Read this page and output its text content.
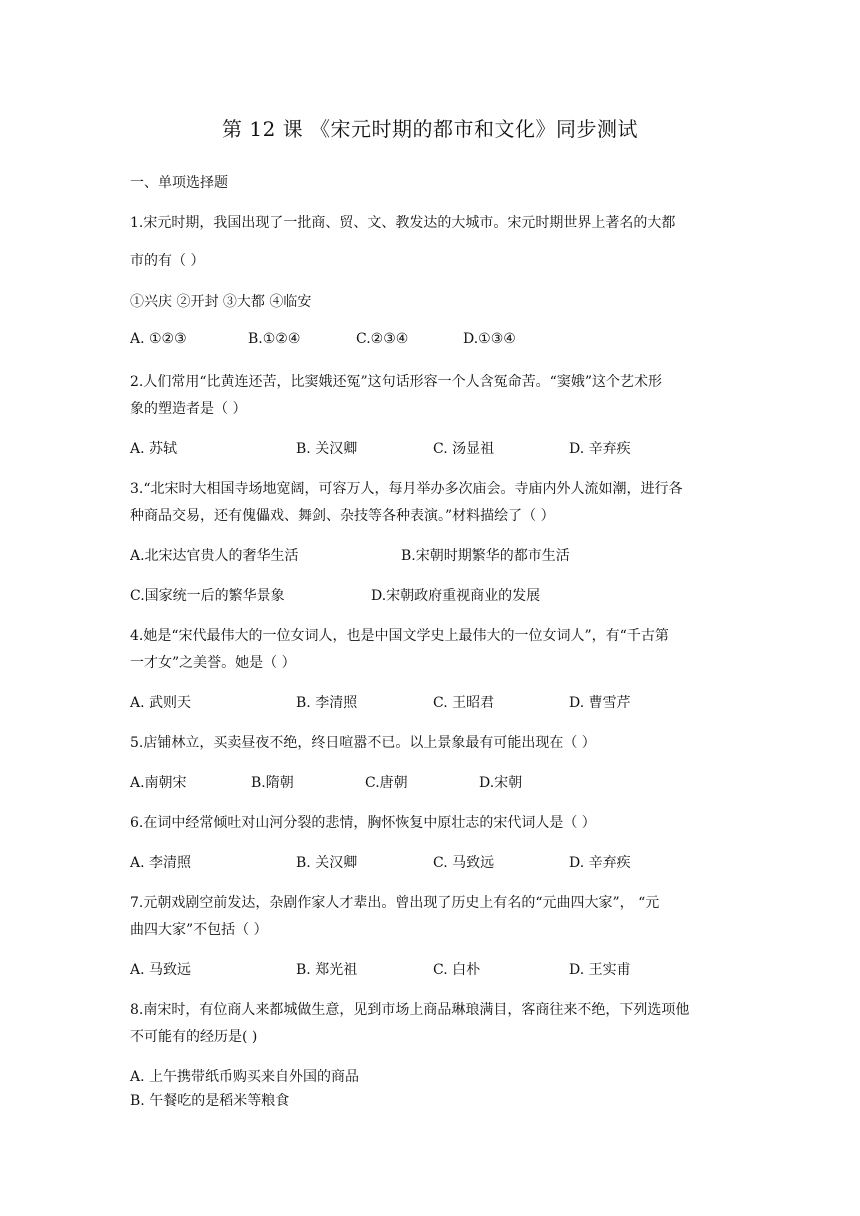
第 12 课 《宋元时期的都市和文化》同步测试
一、单项选择题
1.宋元时期，我国出现了一批商、贸、文、教发达的大城市。宋元时期世界上著名的大都
市的有（ ）
①兴庆 ②开封 ③大都 ④临安
A. ①②③	B.①②④	C.②③④	D.①③④
2.人们常用“比黄连还苦，比窦娥还冤”这句话形容一个人含冤命苦。“窦娥”这个艺术形
象的塑造者是（ ）
A. 苏轼	B. 关汉卿	C. 汤显祖	D. 辛弃疾
3.“北宋时大相国寺场地宽阔，可容万人，每月举办多次庙会。寺庙内外人流如潮，进行各
种商品交易，还有傀儡戏、舞剑、杂技等各种表演。”材料描绘了（ ）
A.北宋达官贵人的奢华生活	B.宋朝时期繁华的都市生活
C.国家统一后的繁华景象	D.宋朝政府重视商业的发展
4.她是“宋代最伟大的一位女词人，也是中国文学史上最伟大的一位女词人”，有“千古第
一才女”之美誉。她是（ ）
A. 武则天	B. 李清照	C. 王昭君	D. 曹雪芹
5.店铺林立，买卖昼夜不绝，终日喧嚣不已。以上景象最有可能出现在（ ）
A.南朝宋	B.隋朝	C.唐朝	D.宋朝
6.在词中经常倾吐对山河分裂的悲情，胸怀恢复中原壮志的宋代词人是（ ）
A. 李清照	B. 关汉卿	C. 马致远	D. 辛弃疾
7.元朝戏剧空前发达，杂剧作家人才辈出。曾出现了历史上有名的“元曲四大家”， “元
曲四大家”不包括（ ）
A. 马致远	B. 郑光祖	C. 白朴	D. 王实甫
8.南宋时，有位商人来都城做生意，见到市场上商品琳琅满目，客商往来不绝，下列选项他
不可能有的经历是( )
A. 上午携带纸币购买来自外国的商品
B. 午餐吃的是稻米等粮食
